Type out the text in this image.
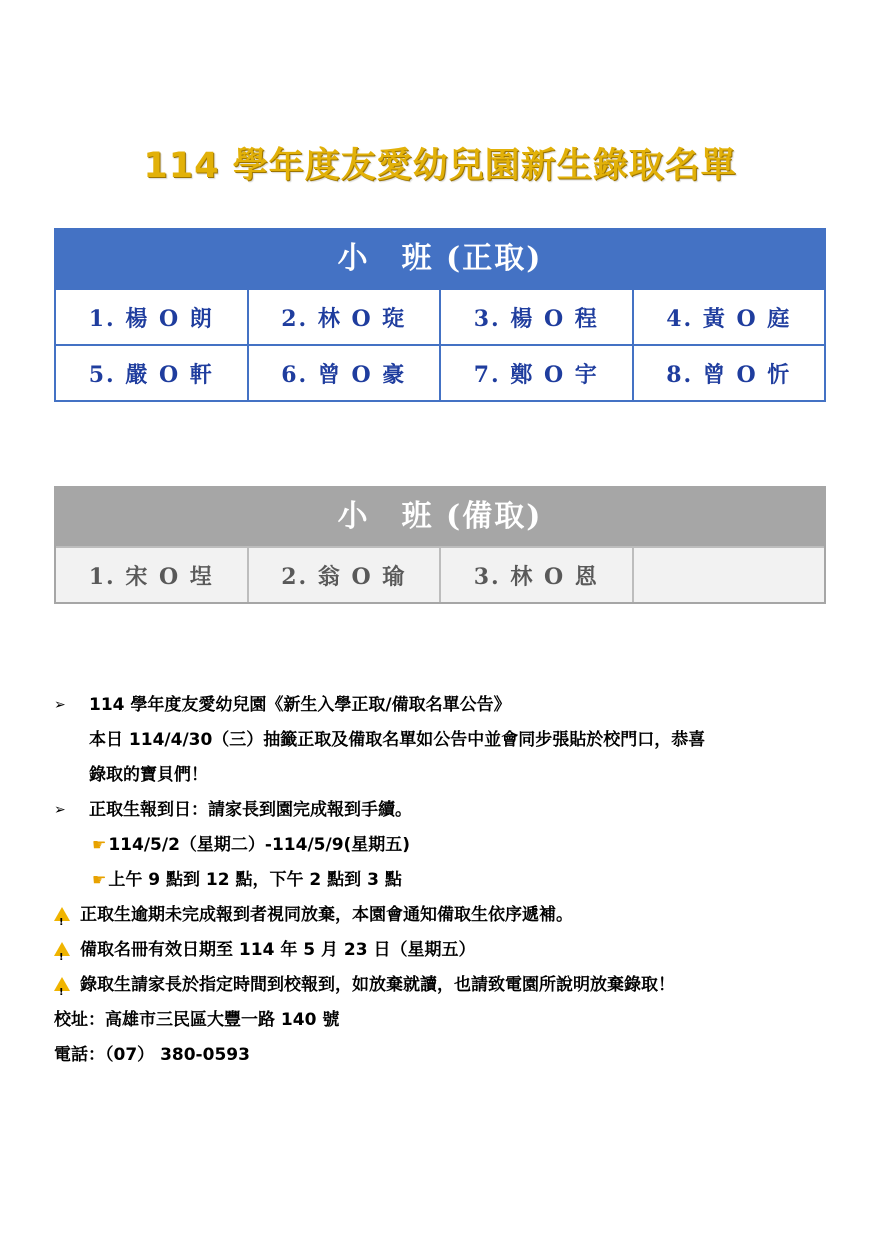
114 學年度友愛幼兒園新生錄取名單
小　班 (正取)
1. 楊 O 朗	2. 林 O 琁	3. 楊 O 程	4. 黃 O 庭
5. 嚴 O 軒	6. 曾 O 豪	7. 鄭 O 宇	8. 曾 O 忻
小　班 (備取)
1. 宋 O 埕	2. 翁 O 瑜	3. 林 O 恩
➢ 114 學年度友愛幼兒園《新生入學正取/備取名單公告》
本日 114/4/30（三）抽籤正取及備取名單如公告中並會同步張貼於校門口，恭喜
錄取的寶貝們！
➢ 正取生報到日：請家長到園完成報到手續。
☛ 114/5/2（星期二）-114/5/9(星期五)
☛ 上午 9 點到 12 點，下午 2 點到 3 點
!正取生逾期未完成報到者視同放棄，本園會通知備取生依序遞補。
!備取名冊有效日期至 114 年 5 月 23 日（星期五）
!錄取生請家長於指定時間到校報到，如放棄就讀，也請致電園所說明放棄錄取！
校址：高雄市三民區大豐一路 140 號
電話：（07） 380-0593
